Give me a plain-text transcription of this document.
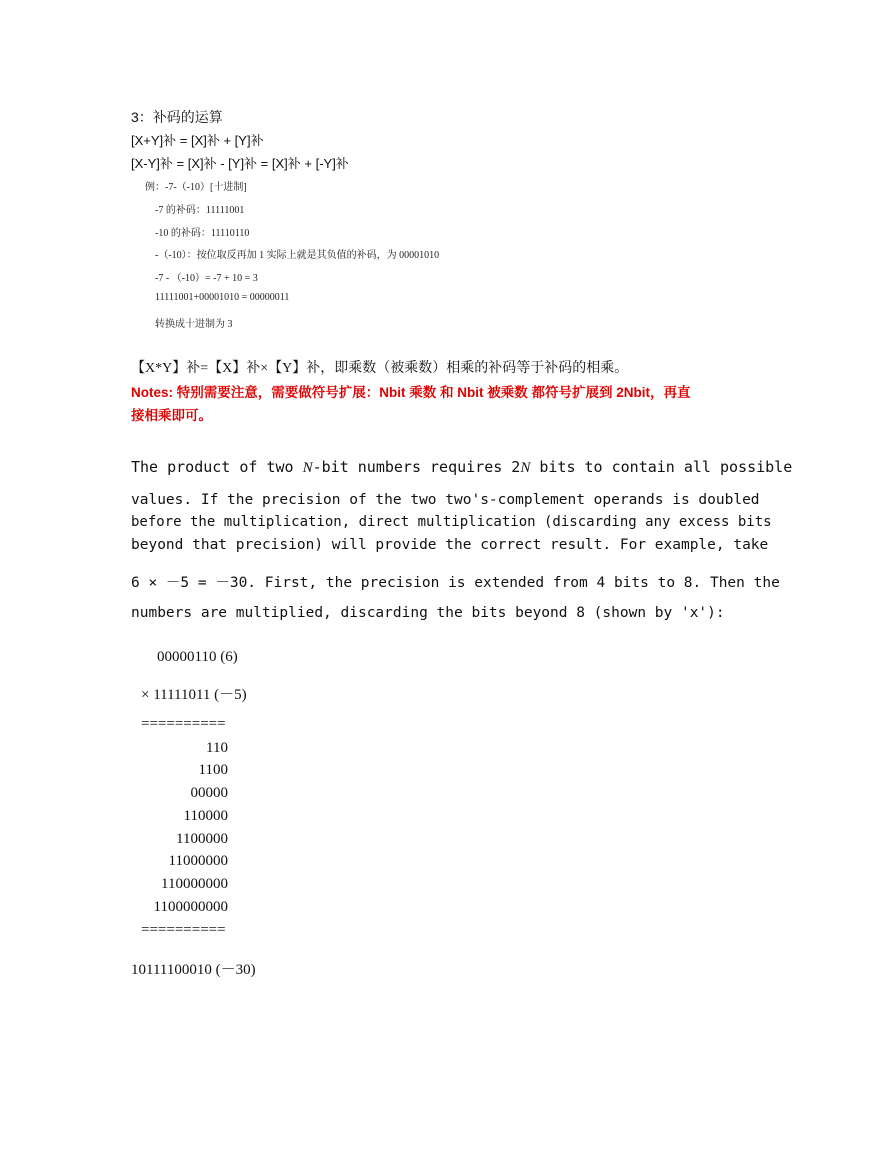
3：补码的运算
[X+Y]补 = [X]补 + [Y]补
[X-Y]补 = [X]补 - [Y]补 = [X]补 + [-Y]补
例：-7-（-10）[十进制]
-7 的补码：11111001
-10 的补码：11110110
-（-10）：按位取反再加 1 实际上就是其负值的补码，为 00001010
-7 - （-10）= -7 + 10 = 3
11111001+00001010 = 00000011
转换成十进制为 3
【X*Y】补=【X】补×【Y】补，即乘数（被乘数）相乘的补码等于补码的相乘。
Notes: 特别需要注意，需要做符号扩展：Nbit 乘数 和 Nbit 被乘数 都符号扩展到 2Nbit，再直
接相乘即可。
The product of two N-bit numbers requires 2N bits to contain all possible
values. If the precision of the two two's-complement operands is doubled
before the multiplication, direct multiplication (discarding any excess bits
beyond that precision) will provide the correct result. For example, take
6 × －5 = －30. First, the precision is extended from 4 bits to 8. Then the
numbers are multiplied, discarding the bits beyond 8 (shown by 'x'):
00000110 (6)
× 11111011 (－5)
==========
110
1100
00000
110000
1100000
11000000
110000000
1100000000
==========
10111100010 (－30)
